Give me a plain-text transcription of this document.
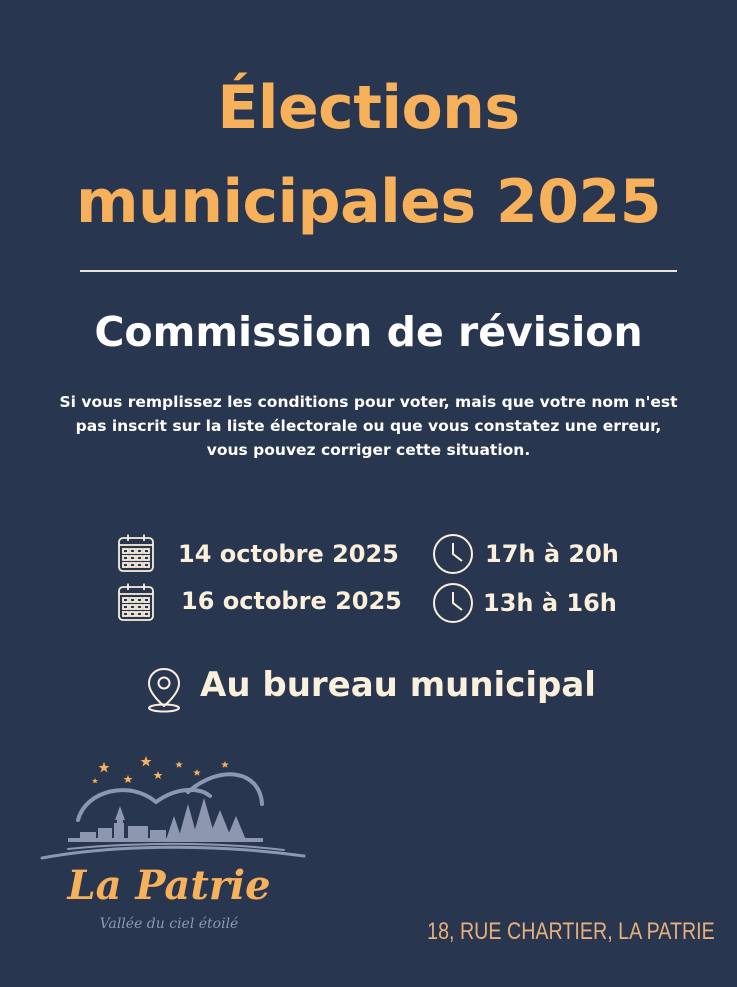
Élections
municipales 2025
Commission de révision
Si vous remplissez les conditions pour voter, mais que votre nom n'est
pas inscrit sur la liste électorale ou que vous constatez une erreur,
vous pouvez corriger cette situation.
14 octobre 2025	17h à 20h
16 octobre 2025	13h à 16h
Au bureau municipal
La Patrie
Vallée du ciel étoilé	18, RUE CHARTIER, LA PATRIE
